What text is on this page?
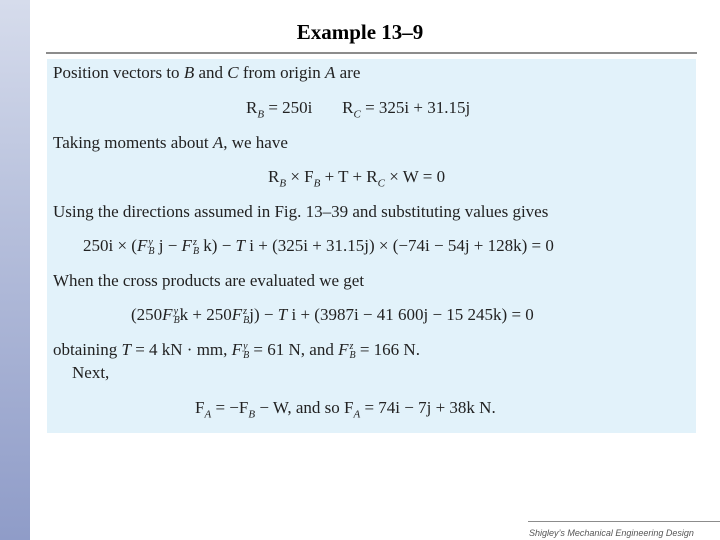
Example 13–9
Position vectors to B and C from origin A are
$R_B = 250i$       $R_C = 325i + 31.15j$
Taking moments about A, we have
$R_B \times F_B + T + R_C \times W = 0$
Using the directions assumed in Fig. 13–39 and substituting values gives
250i × (F y
B j − F z
B k) − T i + (325i + 31.15j) × (−74i − 54j + 128k) = 0
When the cross products are evaluated we get
(250F y
B k + 250F z
B j) − T i + (3987i − 41 600j − 15 245k) = 0
obtaining T = 4 kN · mm, F y
B = 61 N, and F z
B = 166 N.
Next,
$F_A = -F_B - W$, and so $F_A = 74i - 7j + 38k$ N.
Shigley’s Mechanical Engineering Design
